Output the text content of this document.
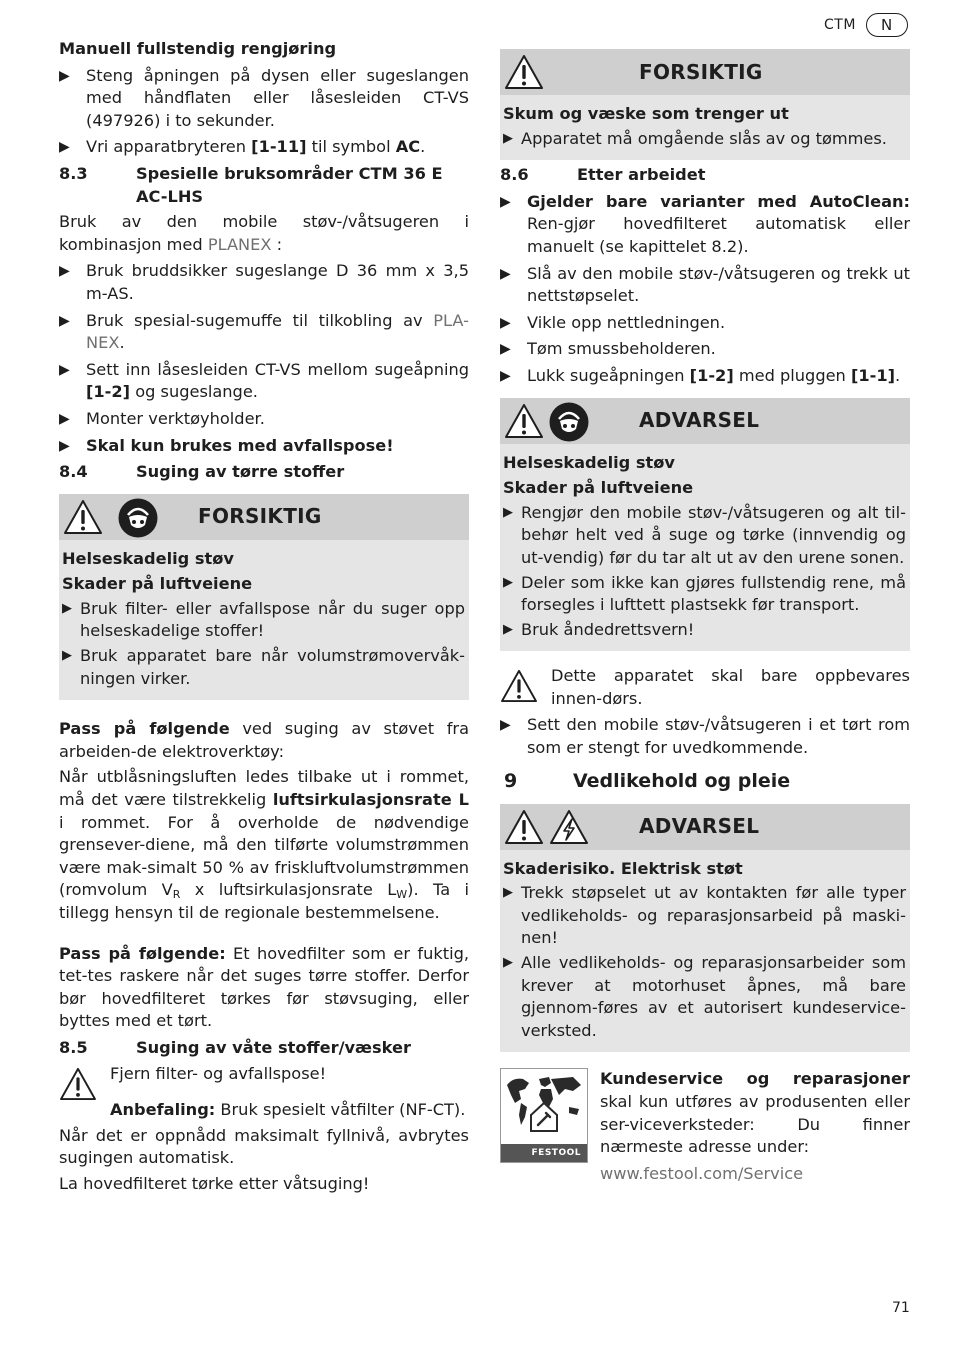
CTM	N

Manuell fullstendig rengjøring

▶	Steng åpningen på dysen eller sugeslangen med håndflaten eller låsesleiden CT-VS (497926) i to sekunder.
▶	Vri apparatbryteren [1-11] til symbol AC.
8.3	Spesielle bruksområder CTM 36 E AC-LHS

Bruk av den mobile støv-/våtsugeren i kombinasjon med PLANEX :

▶	Bruk bruddsikker sugeslange D 36 mm x 3,5 m-AS.
▶	Bruk spesial-sugemuffe til tilkobling av PLA-NEX.
▶	Sett inn låsesleiden CT-VS mellom sugeåpning [1-2] og sugeslange.
▶	Monter verktøyholder.
▶	Skal kun brukes med avfallspose!
8.4	Suging av tørre stoffer
FORSIKTIG

Helseskadelig støv

Skader på luftveiene

▶ Bruk filter- eller avfallspose når du suger opp helseskadelige stoffer!
▶ Bruk apparatet bare når volumstrømovervåk-ningen virker.

Pass på følgende ved suging av støvet fra arbeiden-de elektroverktøy:

Når utblåsningsluften ledes tilbake ut i rommet, må det være tilstrekkelig luftsirkulasjonsrate L i rommet. For å overholde de nødvendige grensever-diene, må den tilførte volumstrømmen være mak-simalt 50 % av friskluftvolumstrømmen (romvolum $V_R$ x luftsirkulasjonsrate $L_W$). Ta i tillegg hensyn til de regionale bestemmelsene.

Pass på følgende: Et hovedfilter som er fuktig, tet-tes raskere når det suges tørre stoffer. Derfor bør hovedfilteret tørkes før støvsuging, eller byttes med et tørt.

8.5	Suging av våte stoffer/væsker

Fjern filter- og avfallspose!

Anbefaling: Bruk spesielt våtfilter (NF-CT).

Når det er oppnådd maksimalt fyllnivå, avbrytes sugingen automatisk.

La hovedfilteret tørke etter våtsuging!

FORSIKTIG

Skum og væske som trenger ut

▶ Apparatet må omgående slås av og tømmes.
8.6	Etter arbeidet
▶	Gjelder bare varianter med AutoClean: Ren-gjør hovedfilteret automatisk eller manuelt (se kapittelet 8.2).
▶	Slå av den mobile støv-/våtsugeren og trekk ut nettstøpselet.
▶	Vikle opp nettledningen.
▶	Tøm smussbeholderen.
▶	Lukk sugeåpningen [1-2] med pluggen [1-1].
ADVARSEL

Helseskadelig støv

Skader på luftveiene

▶ Rengjør den mobile støv-/våtsugeren og alt til-behør helt ved å suge og tørke (innvendig og ut-vendig) før du tar alt ut av den urene sonen.
▶ Deler som ikke kan gjøres fullstendig rene, må forsegles i lufttett plastsekk før transport.
▶ Bruk åndedrettsvern!

Dette apparatet skal bare oppbevares innen-dørs.

▶	Sett den mobile støv-/våtsugeren i et tørt rom som er stengt for uvedkommende.
9	Vedlikehold og pleie
ADVARSEL

Skaderisiko. Elektrisk støt

▶ Trekk støpselet ut av kontakten før alle typer vedlikeholds- og reparasjonsarbeid på maski-nen!
▶ Alle vedlikeholds- og reparasjonsarbeider som krever at motorhuset åpnes, må bare gjennom-føres av et autorisert kundeservice-verksted.
FESTOOL

Kundeservice og reparasjoner skal kun utføres av produsenten eller ser-viceverksteder: Du finner nærmeste adresse under:

www.festool.com/Service

71
